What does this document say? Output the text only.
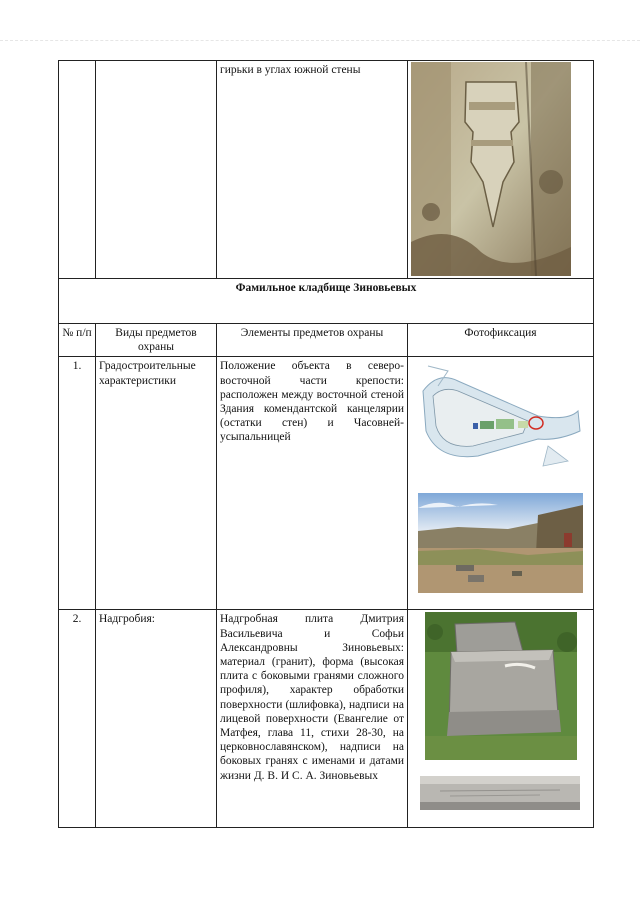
		гирьки в углах южной стены	

Фамильное кладбище Зиновьевых			
№ п/п	Виды предметов охраны	Элементы предметов охраны	Фотофиксация
1.	Градостроительные характеристики	Положение объекта в северо-восточной части крепости: расположен между восточной стеной Здания комендантской канцелярии (остатки стен) и Часовней-усыпальницей	

2.	Надгробия:	Надгробная плита Дмитрия Васильевича и Софьи Александровны Зиновьевых: материал (гранит), форма (высокая плита с боковыми гранями сложного профиля), характер обработки поверхности (шлифовка), надписи на лицевой поверхности (Евангелие от Матфея, глава 11, стихи 28-30, на церковнославянском), надписи на боковых гранях с именами и датами жизни Д. В. И С. А. Зиновьевых	
